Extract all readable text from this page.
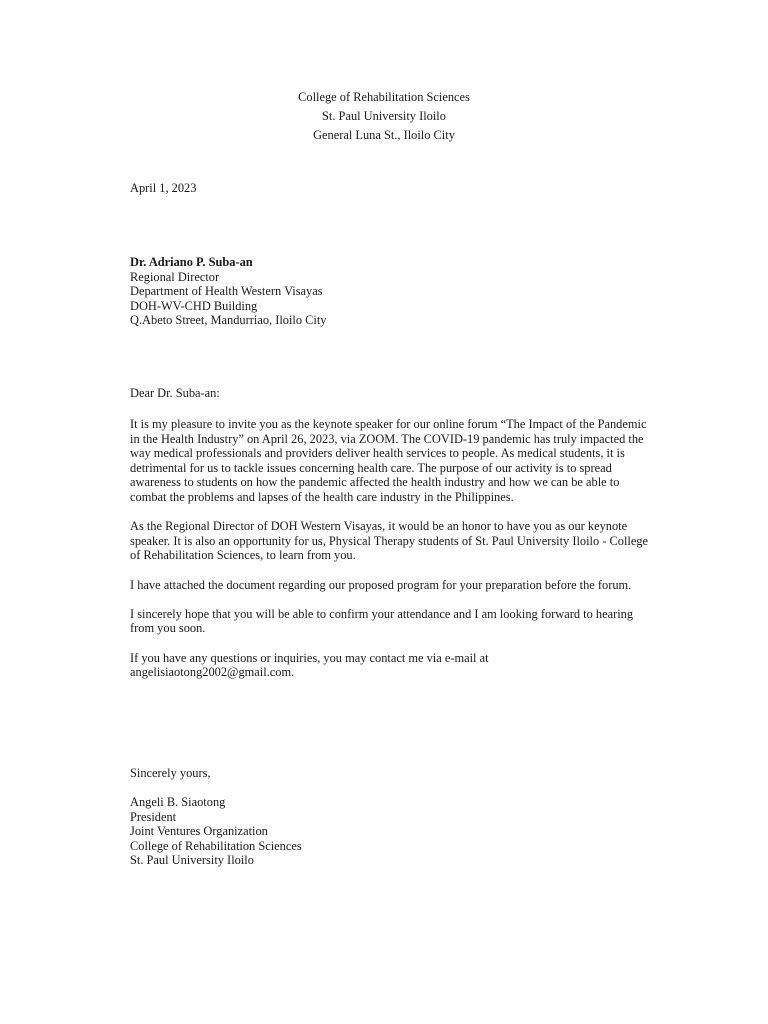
College of Rehabilitation Sciences
St. Paul University Iloilo
General Luna St., Iloilo City
April 1, 2023
Dr. Adriano P. Suba-an
Regional Director
Department of Health Western Visayas
DOH-WV-CHD Building
Q.Abeto Street, Mandurriao, Iloilo City
Dear Dr. Suba-an:

It is my pleasure to invite you as the keynote speaker for our online forum “The Impact of the Pandemic in the Health Industry” on April 26, 2023, via ZOOM. The COVID-19 pandemic has truly impacted the way medical professionals and providers deliver health services to people. As medical students, it is detrimental for us to tackle issues concerning health care. The purpose of our activity is to spread awareness to students on how the pandemic affected the health industry and how we can be able to combat the problems and lapses of the health care industry in the Philippines.

As the Regional Director of DOH Western Visayas, it would be an honor to have you as our keynote speaker. It is also an opportunity for us, Physical Therapy students of St. Paul University Iloilo - College of Rehabilitation Sciences, to learn from you.

I have attached the document regarding our proposed program for your preparation before the forum.

I sincerely hope that you will be able to confirm your attendance and I am looking forward to hearing from you soon.

If you have any questions or inquiries, you may contact me via e-mail at angelisiaotong2002@gmail.com.

Sincerely yours,
Angeli B. Siaotong
President
Joint Ventures Organization
College of Rehabilitation Sciences
St. Paul University Iloilo
